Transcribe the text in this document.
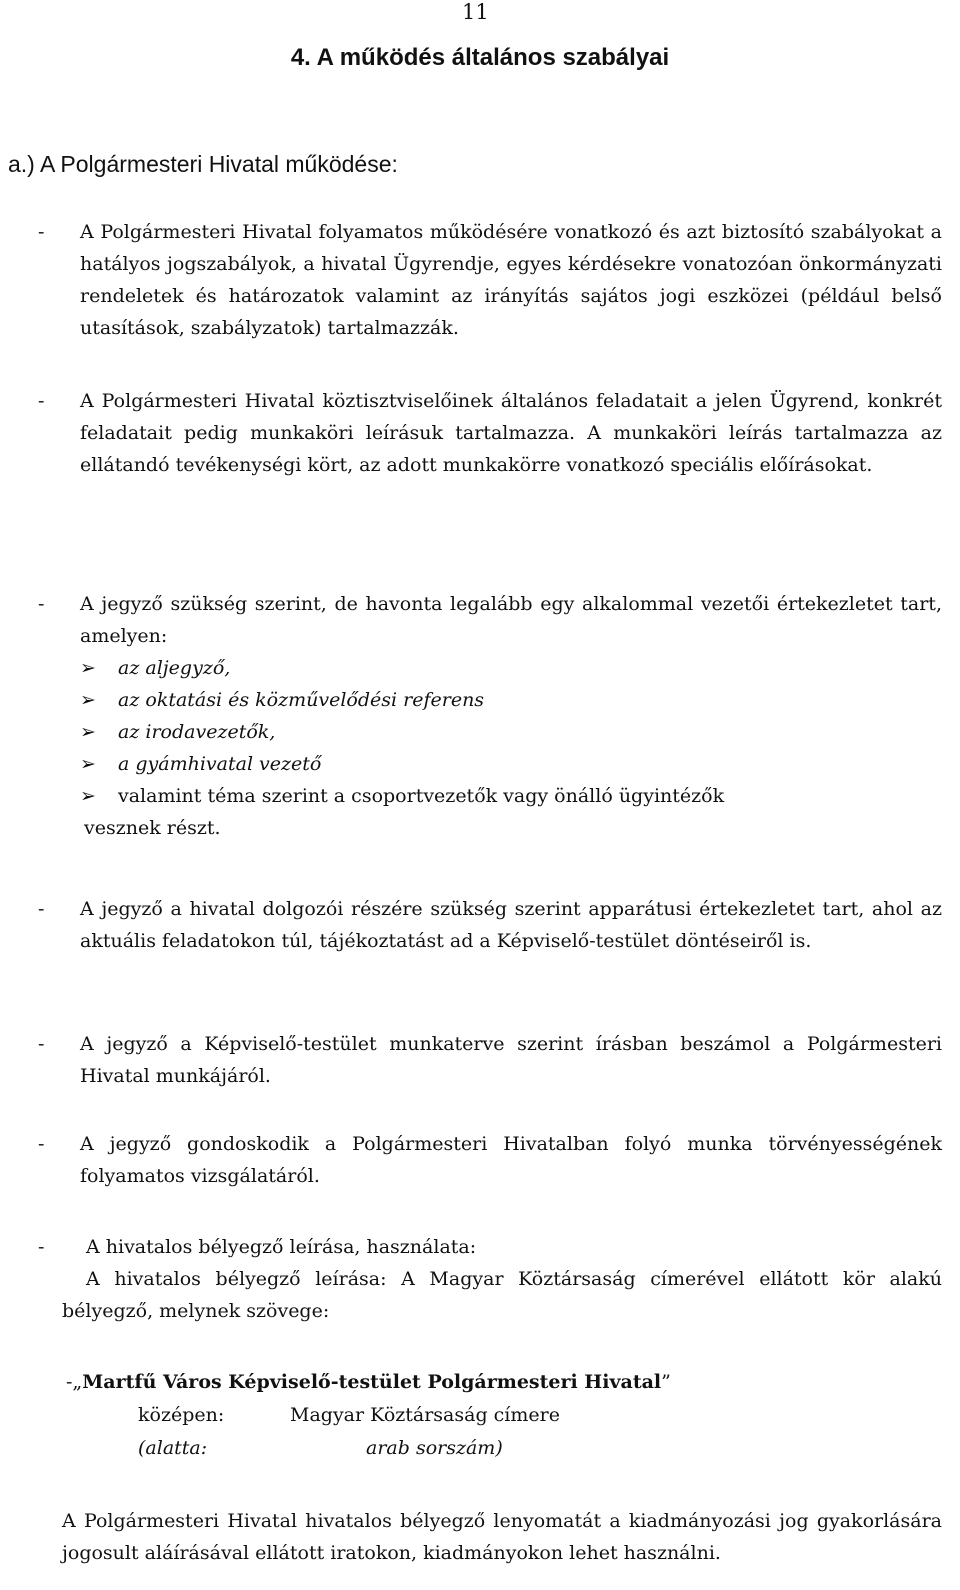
11
4. A működés általános szabályai
a.) A Polgármesteri Hivatal működése:
- A Polgármesteri Hivatal folyamatos működésére vonatkozó és azt biztosító szabályokat a hatályos jogszabályok, a hivatal Ügyrendje, egyes kérdésekre vonatozóan önkormányzati rendeletek és határozatok valamint az irányítás sajátos jogi eszközei (például belső utasítások, szabályzatok) tartalmazzák.
- A Polgármesteri Hivatal köztisztviselőinek általános feladatait a jelen Ügyrend, konkrét feladatait pedig munkaköri leírásuk tartalmazza. A munkaköri leírás tartalmazza az ellátandó tevékenységi kört, az adott munkakörre vonatkozó speciális előírásokat.
- A jegyző szükség szerint, de havonta legalább egy alkalommal vezetői értekezletet tart, amelyen:
➢ az aljegyző,
➢ az oktatási és közművelődési referens
➢ az irodavezetők,
➢ a gyámhivatal vezető
➢ valamint téma szerint a csoportvezetők vagy önálló ügyintézők
vesznek részt.
- A jegyző a hivatal dolgozói részére szükség szerint apparátusi értekezletet tart, ahol az aktuális feladatokon túl, tájékoztatást ad a Képviselő-testület döntéseiről is.
- A jegyző a Képviselő-testület munkaterve szerint írásban beszámol a Polgármesteri Hivatal munkájáról.
- A jegyző gondoskodik a Polgármesteri Hivatalban folyó munka törvényességének folyamatos vizsgálatáról.
- A hivatalos bélyegző leírása, használata:
A hivatalos bélyegző leírása: A Magyar Köztársaság címerével ellátott kör alakú bélyegző, melynek szövege:
-„Martfű Város Képviselő-testület Polgármesteri Hivatal”
középen:	Magyar Köztársaság címere
(alatta:	arab sorszám)
A Polgármesteri Hivatal hivatalos bélyegző lenyomatát a kiadmányozási jog gyakorlására jogosult aláírásával ellátott iratokon, kiadmányokon lehet használni.
